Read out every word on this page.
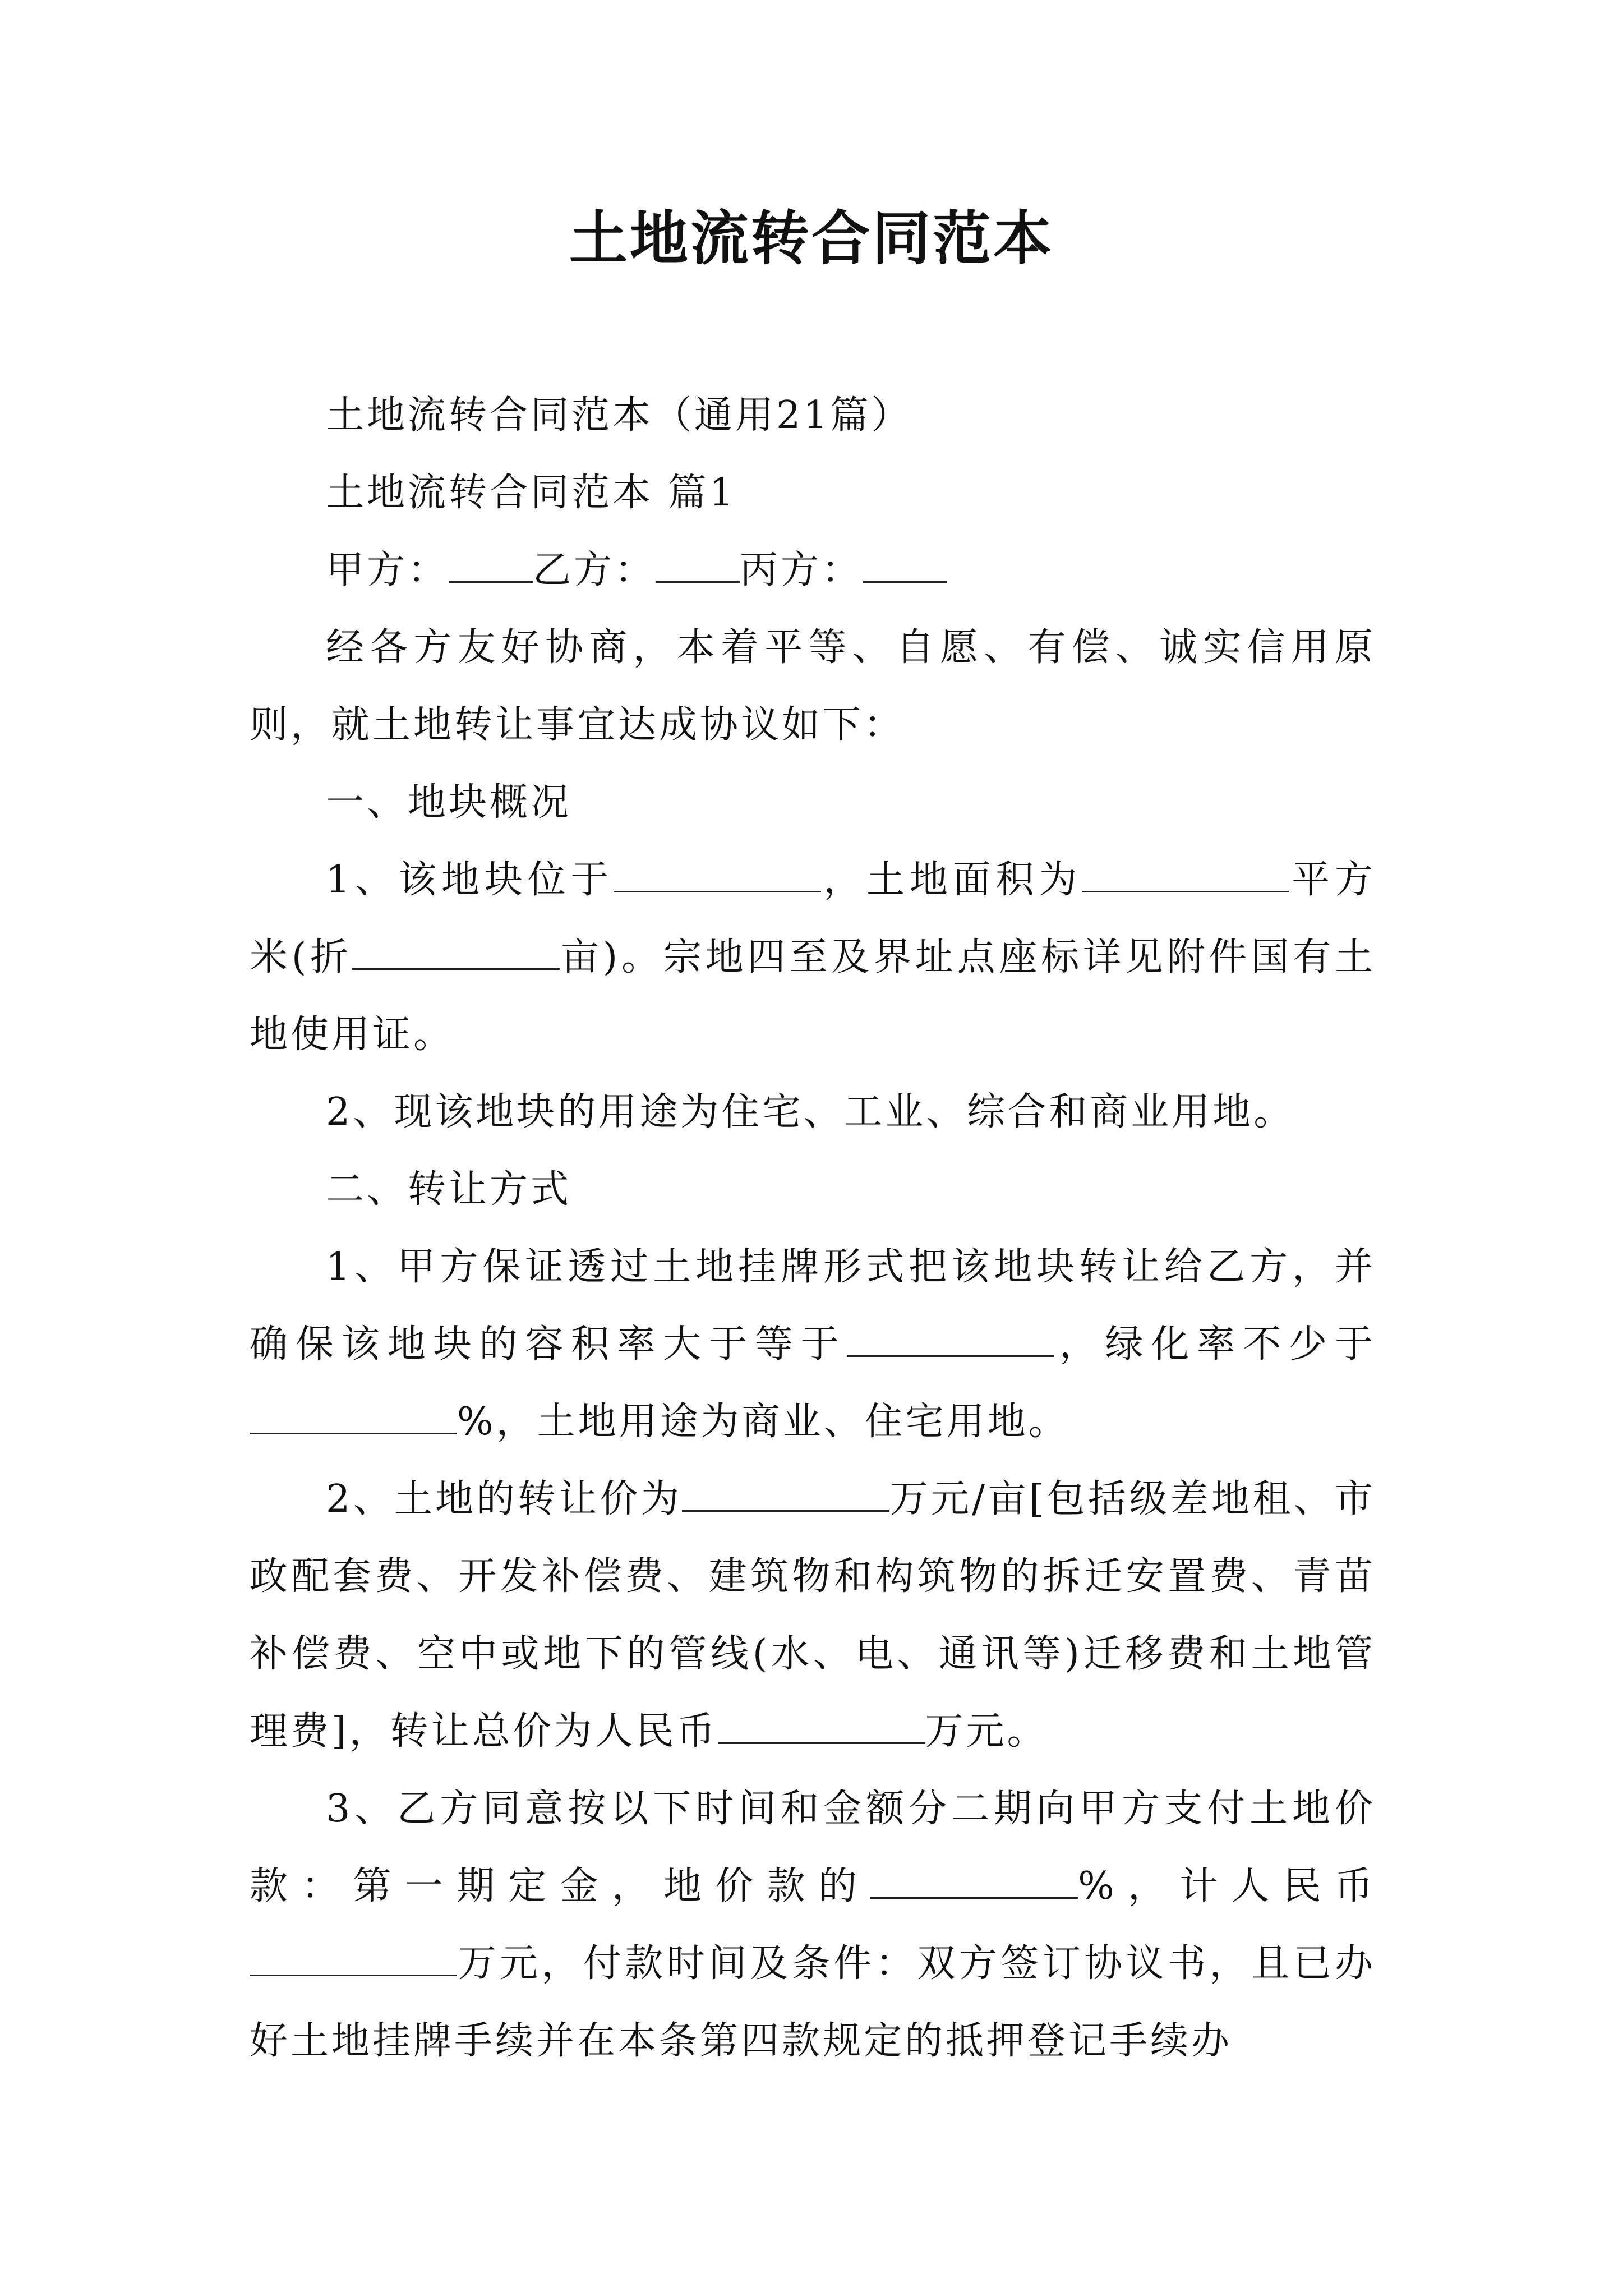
土地流转合同范本

土地流转合同范本（通用21篇）

土地流转合同范本 篇1

甲方： 乙方： 丙方：

经各方友好协商，本着平等、自愿、有偿、诚实信用原则，就土地转让事宜达成协议如下：

一、地块概况

1、该地块位于	，土地面积为	平方米(折	亩)。宗地四至及界址点座标详见附件国有土地使用证。

2、现该地块的用途为住宅、工业、综合和商业用地。

二、转让方式

1、甲方保证透过土地挂牌形式把该地块转让给乙方，并确保该地块的容积率大于等于	，绿化率不少于%，土地用途为商业、住宅用地。

2、土地的转让价为	万元/亩[包括级差地租、市政配套费、开发补偿费、建筑物和构筑物的拆迁安置费、青苗补偿费、空中或地下的管线(水、电、通讯等)迁移费和土地管理费]，转让总价为人民币	万元。

3、乙方同意按以下时间和金额分二期向甲方支付土地价款：第一期定金，地价款的	%，计人民币万元，付款时间及条件：双方签订协议书，且已办好土地挂牌手续并在本条第四款规定的抵押登记手续办
